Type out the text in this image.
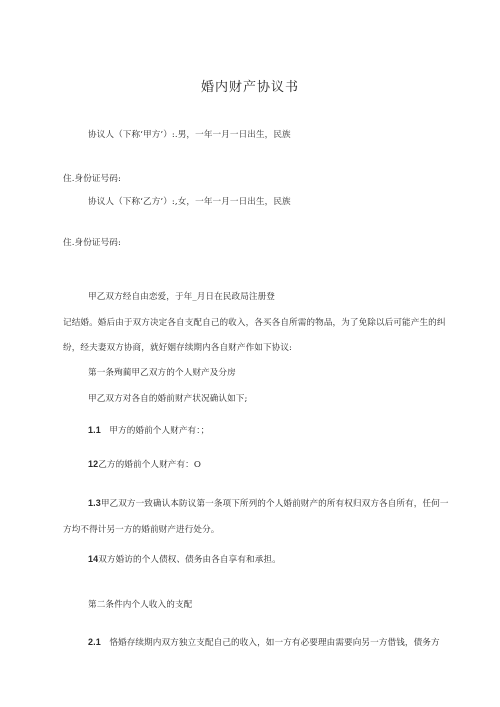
婚内财产协议书
协议人（下称‘甲方’）:.男，一年一月一日出生，民族
住.身份证号码:
协议人（下称‘乙方’）:,女，一年一月一日出生，民族
住.身份证号码:
甲乙双方经自由恋爱，于年_月日在民政局注册登
记结婚。婚后由于双方决定各自支配自己的收入，各买各自所需的物品，为了免除以后可能产生的纠
纷，经夫妻双方协商，就好姻存续期内各自财产作如下协议:
第一条殉蔺甲乙双方的个人财产及分房
甲乙双方对各自的婚前财产状况确认如下;
1.1 甲方的婚前个人财产有：；
12乙方的婚前个人财产有：O
1.3甲乙双方一致确认本防议第一条项下所列的个人婚前财产的所有权归双方各自所有，任何一
方均不得计另一方的婚前财产进行处分。
14双方婚访的个人债权、债务由各自享有和承担。
第二条件内个人收入的支配
2.1 恪婚存续期内双方独立支配自己的收入，如一方有必要理由需要向另一方借钱，债务方
